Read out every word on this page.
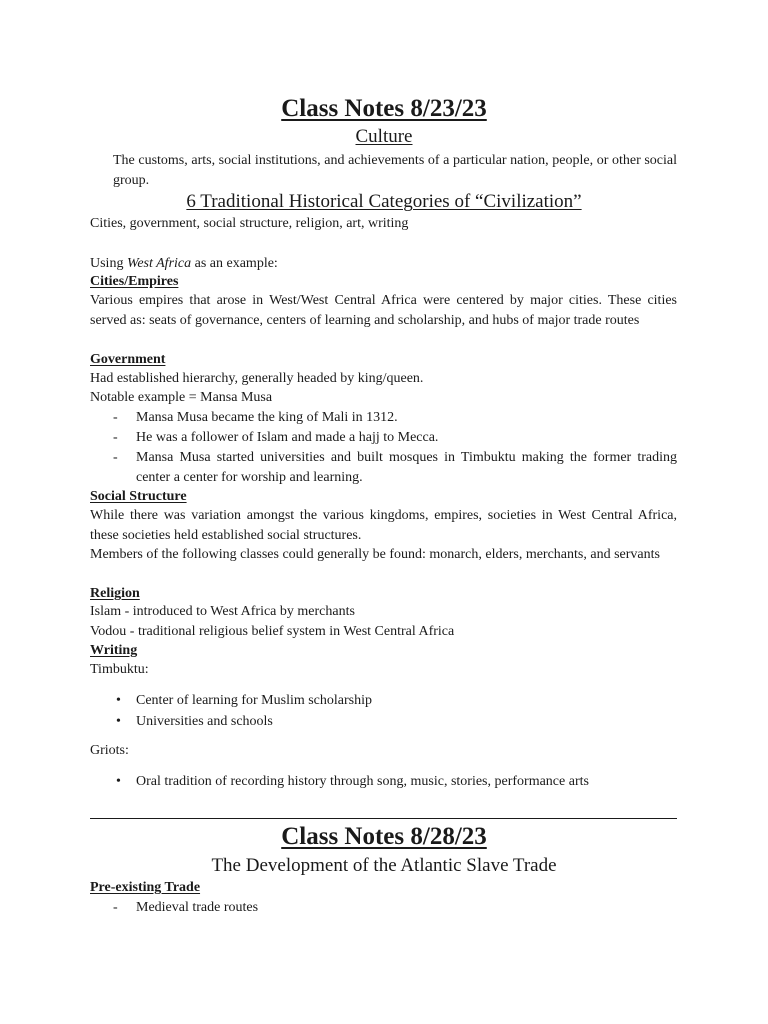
Class Notes 8/23/23
Culture

The customs, arts, social institutions, and achievements of a particular nation, people, or other social group.

6 Traditional Historical Categories of “Civilization”

Cities, government, social structure, religion, art, writing

Using West Africa as an example:

Cities/Empires

Various empires that arose in West/West Central Africa were centered by major cities. These cities served as: seats of governance, centers of learning and scholarship, and hubs of major trade routes

Government

Had established hierarchy, generally headed by king/queen.

Notable example = Mansa Musa

-	Mansa Musa became the king of Mali in 1312.
-	He was a follower of Islam and made a hajj to Mecca.
-	Mansa Musa started universities and built mosques in Timbuktu making the former trading center a center for worship and learning.

Social Structure

While there was variation amongst the various kingdoms, empires, societies in West Central Africa, these societies held established social structures.

Members of the following classes could generally be found: monarch, elders, merchants, and servants

Religion

Islam - introduced to West Africa by merchants

Vodou - traditional religious belief system in West Central Africa

Writing

Timbuktu:

• Center of learning for Muslim scholarship
• Universities and schools

Griots:

• Oral tradition of recording history through song, music, stories, performance arts
Class Notes 8/28/23
The Development of the Atlantic Slave Trade

Pre-existing Trade

-	Medieval trade routes
